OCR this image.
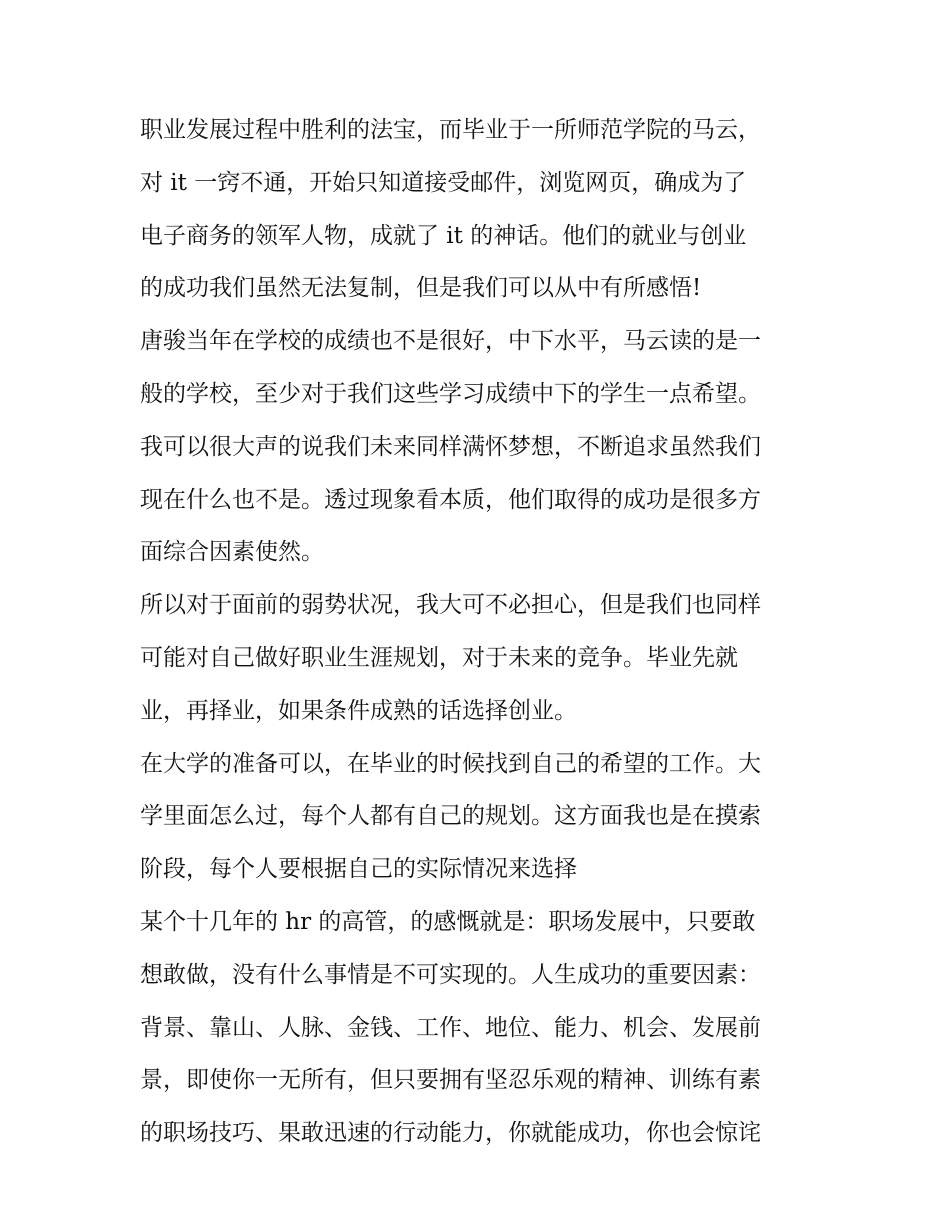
职业发展过程中胜利的法宝，而毕业于一所师范学院的马云，
对 it 一窍不通，开始只知道接受邮件，浏览网页，确成为了
电子商务的领军人物，成就了 it 的神话。他们的就业与创业
的成功我们虽然无法复制，但是我们可以从中有所感悟!
唐骏当年在学校的成绩也不是很好，中下水平，马云读的是一
般的学校，至少对于我们这些学习成绩中下的学生一点希望。
我可以很大声的说我们未来同样满怀梦想，不断追求虽然我们
现在什么也不是。透过现象看本质，他们取得的成功是很多方
面综合因素使然。
所以对于面前的弱势状况，我大可不必担心，但是我们也同样
可能对自己做好职业生涯规划，对于未来的竞争。毕业先就
业，再择业，如果条件成熟的话选择创业。
在大学的准备可以，在毕业的时候找到自己的希望的工作。大
学里面怎么过，每个人都有自己的规划。这方面我也是在摸索
阶段，每个人要根据自己的实际情况来选择
某个十几年的 hr 的高管，的感慨就是：职场发展中，只要敢
想敢做，没有什么事情是不可实现的。人生成功的重要因素：
背景、靠山、人脉、金钱、工作、地位、能力、机会、发展前
景，即使你一无所有，但只要拥有坚忍乐观的精神、训练有素
的职场技巧、果敢迅速的行动能力，你就能成功，你也会惊诧
